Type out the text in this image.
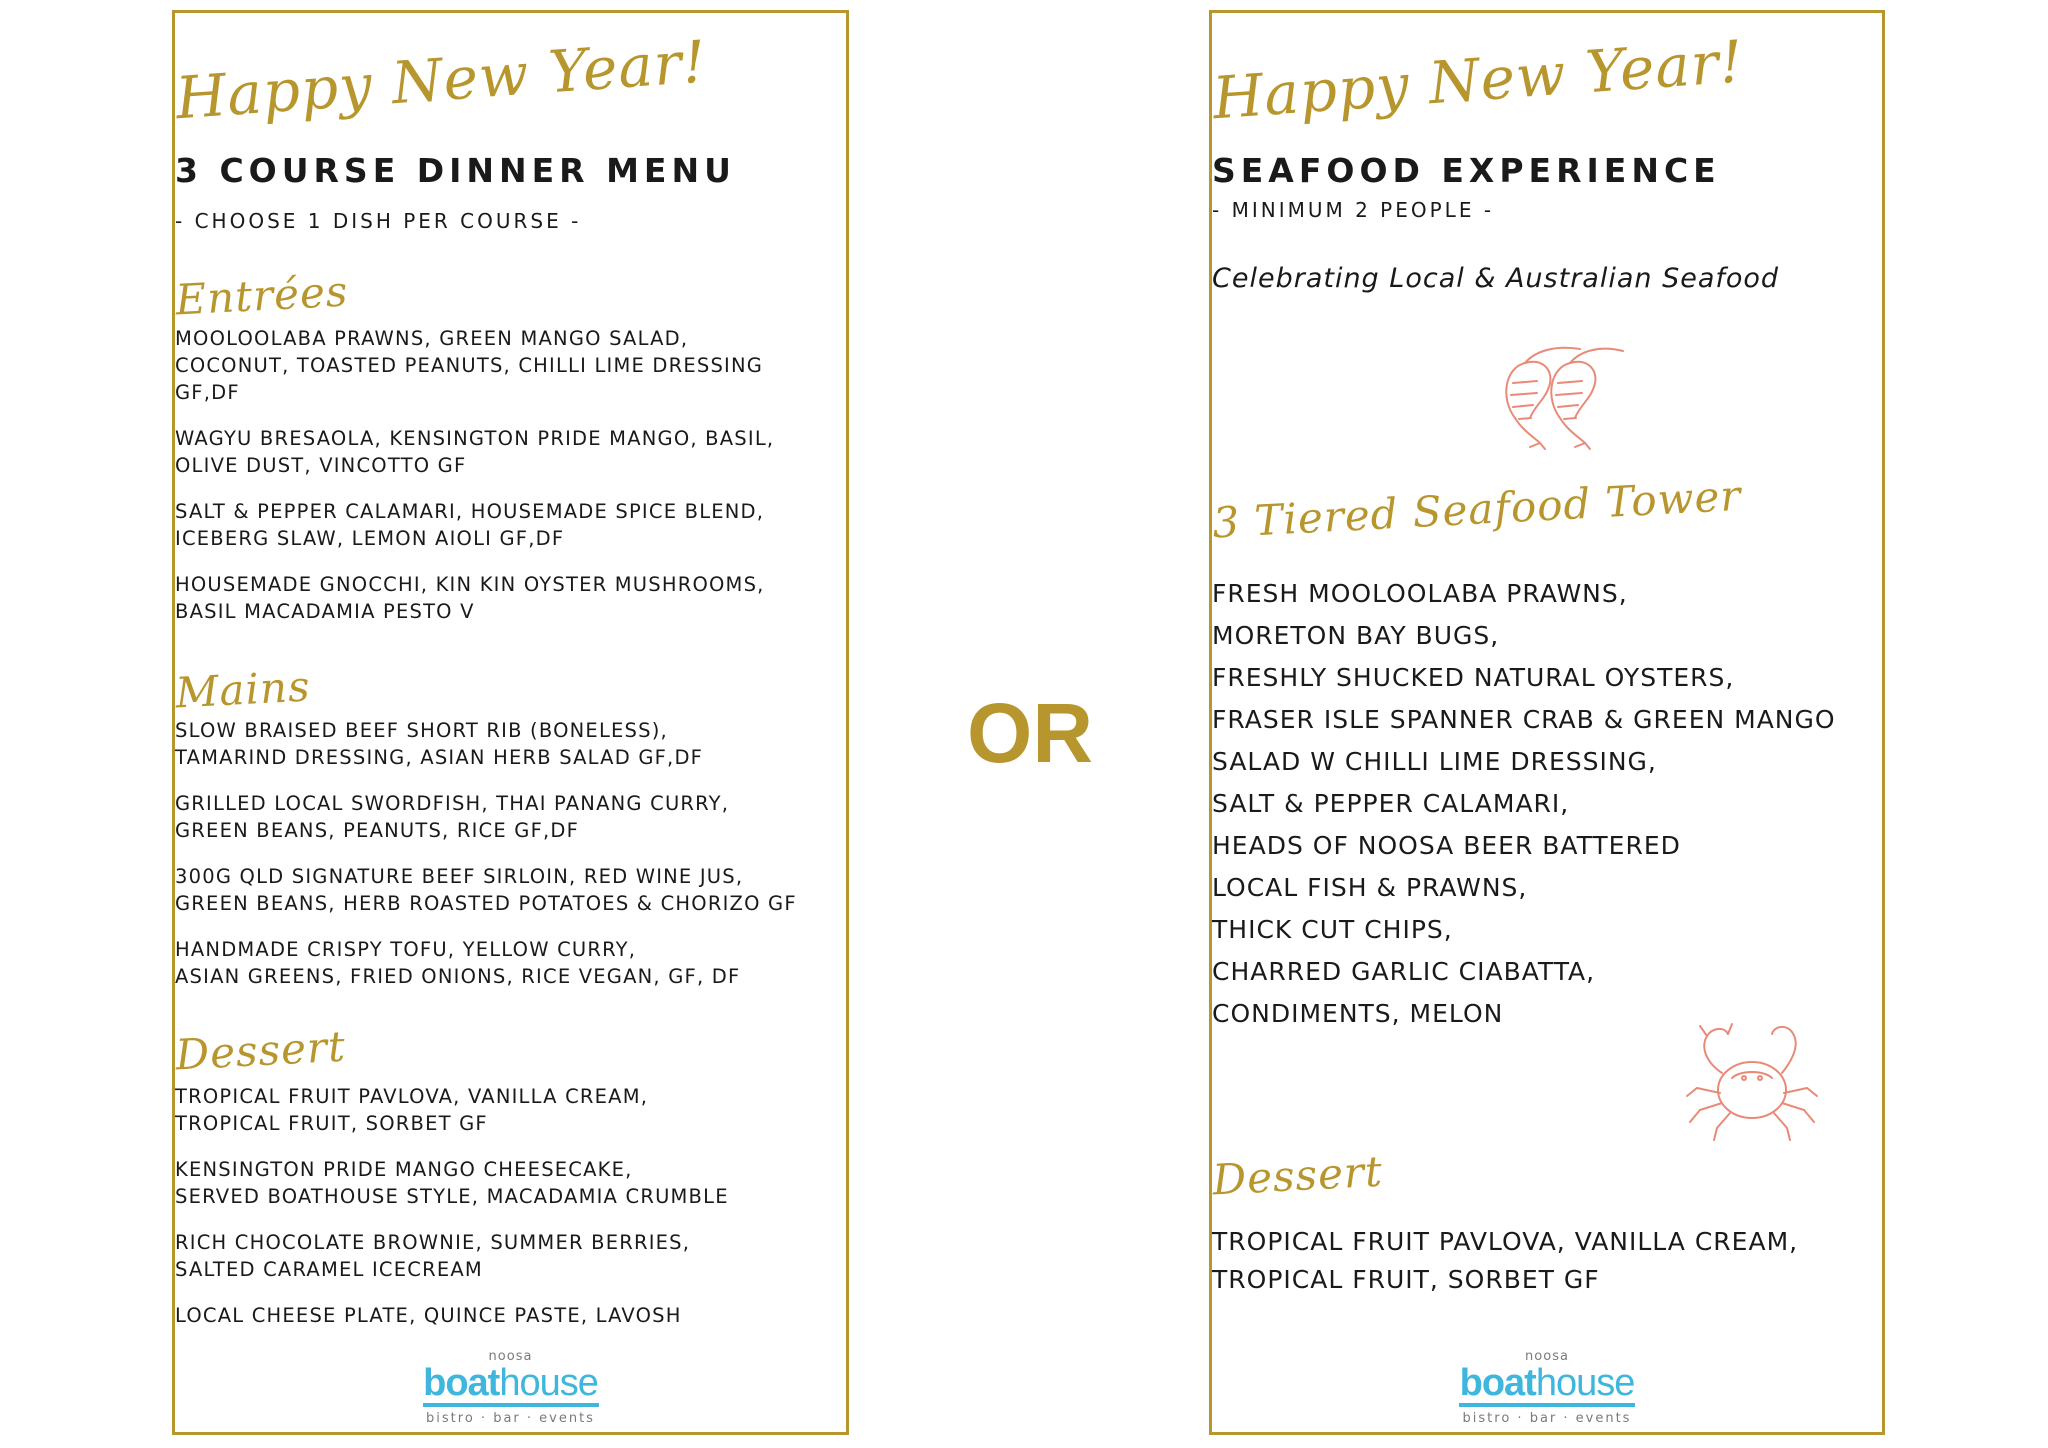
Happy New Year!
3 COURSE DINNER MENU
- CHOOSE 1 DISH PER COURSE -
Entrées
MOOLOOLABA PRAWNS, GREEN MANGO SALAD,
COCONUT, TOASTED PEANUTS, CHILLI LIME DRESSING
GF,DF
WAGYU BRESAOLA, KENSINGTON PRIDE MANGO, BASIL,
OLIVE DUST, VINCOTTO GF
SALT & PEPPER CALAMARI, HOUSEMADE SPICE BLEND,
ICEBERG SLAW, LEMON AIOLI GF,DF
HOUSEMADE GNOCCHI, KIN KIN OYSTER MUSHROOMS,
BASIL MACADAMIA PESTO V
Mains
SLOW BRAISED BEEF SHORT RIB (BONELESS),
TAMARIND DRESSING, ASIAN HERB SALAD GF,DF
GRILLED LOCAL SWORDFISH, THAI PANANG CURRY,
GREEN BEANS, PEANUTS, RICE GF,DF
300G QLD SIGNATURE BEEF SIRLOIN, RED WINE JUS,
GREEN BEANS, HERB ROASTED POTATOES & CHORIZO GF
HANDMADE CRISPY TOFU, YELLOW CURRY,
ASIAN GREENS, FRIED ONIONS, RICE VEGAN, GF, DF
Dessert
TROPICAL FRUIT PAVLOVA, VANILLA CREAM,
TROPICAL FRUIT, SORBET GF
KENSINGTON PRIDE MANGO CHEESECAKE,
SERVED BOATHOUSE STYLE, MACADAMIA CRUMBLE
RICH CHOCOLATE BROWNIE, SUMMER BERRIES,
SALTED CARAMEL ICECREAM
LOCAL CHEESE PLATE, QUINCE PASTE, LAVOSH
noosa
boathouse
bistro · bar · events
OR
Happy New Year!
SEAFOOD EXPERIENCE
- MINIMUM 2 PEOPLE -
Celebrating Local & Australian Seafood
3 Tiered Seafood Tower
FRESH MOOLOOLABA PRAWNS,
MORETON BAY BUGS,
FRESHLY SHUCKED NATURAL OYSTERS,
FRASER ISLE SPANNER CRAB & GREEN MANGO
SALAD W CHILLI LIME DRESSING,
SALT & PEPPER CALAMARI,
HEADS OF NOOSA BEER BATTERED
LOCAL FISH & PRAWNS,
THICK CUT CHIPS,
CHARRED GARLIC CIABATTA,
CONDIMENTS, MELON
Dessert
TROPICAL FRUIT PAVLOVA, VANILLA CREAM,
TROPICAL FRUIT, SORBET GF
noosa
boathouse
bistro · bar · events
